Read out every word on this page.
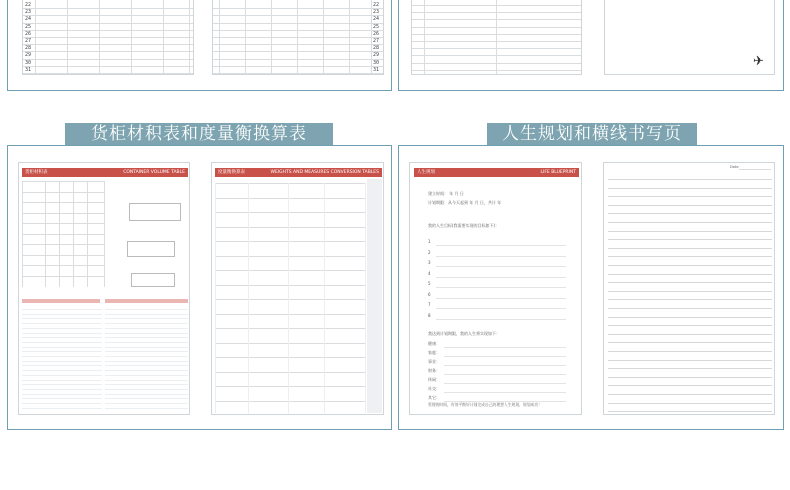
22
23
24
25
26
27
28
29
30
31
22
23
24
25
26
27
28
29
30
31
✈
货柜材积表和度量衡换算表	人生规划和横线书写页
货柜材积表	CONTAINER VOLUME TABLE	度量衡换算表	WEIGHTS AND MEASURES CONVERSION TABLES	人生规划	LIFE BLUEPRINT
建立时间： 年 月 日
计划期限：从今天起到 年 月 日，共计 年
我的人生目标(我需要实现的目标如下)：
1
2
3
4
5
6
7
8
我达到计划期限，我的人生将实现如下：
健康：
家庭：
事业：
财务：
休闲：
社交：
其它：
管理的时间，有效平衡好计划完成自己的理想人生规划，规划成功！
Date
